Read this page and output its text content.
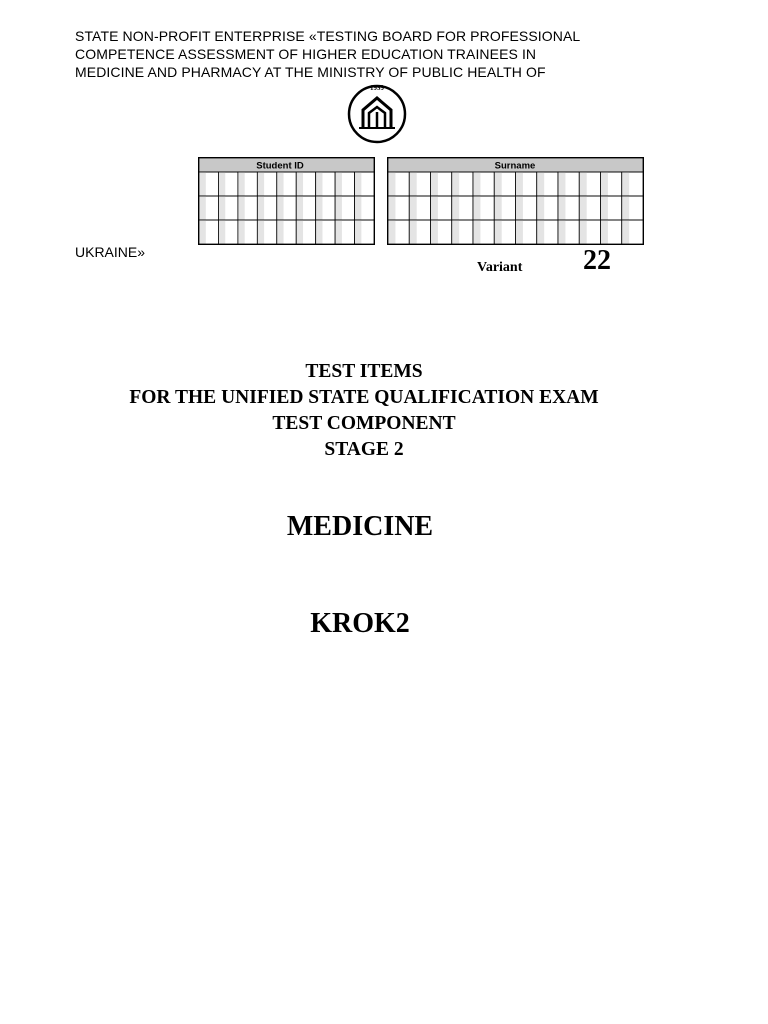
STATE NON-PROFIT ENTERPRISE «TESTING BOARD FOR PROFESSIONAL
COMPETENCE ASSESSMENT OF HIGHER EDUCATION TRAINEES IN
MEDICINE AND PHARMACY AT THE MINISTRY OF PUBLIC HEALTH OF
1999
Student ID	Surname
UKRAINE»
Variant 22
TEST ITEMS
FOR THE UNIFIED STATE QUALIFICATION EXAM
TEST COMPONENT
STAGE 2
MEDICINE
KROK2
